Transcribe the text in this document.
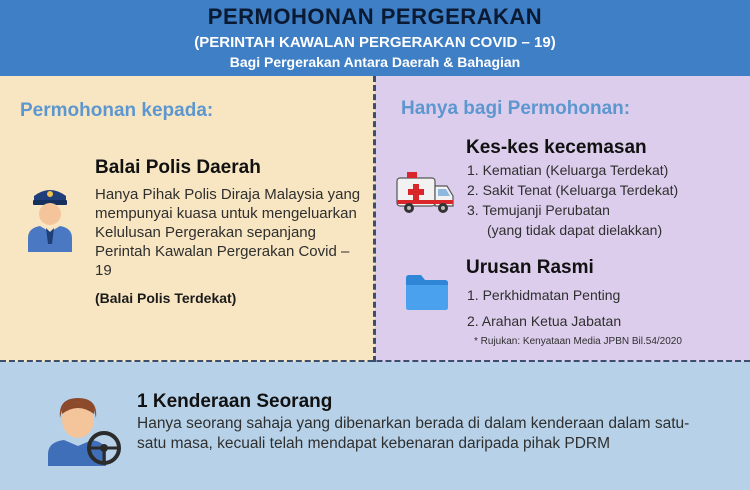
PERMOHONAN PERGERAKAN
(PERINTAH KAWALAN PERGERAKAN COVID – 19)
Bagi Pergerakan Antara Daerah & Bahagian
Permohonan kepada:
Balai Polis Daerah
Hanya Pihak Polis Diraja Malaysia yang mempunyai kuasa untuk mengeluarkan Kelulusan Pergerakan sepanjang Perintah Kawalan Pergerakan Covid – 19
(Balai Polis Terdekat)
Hanya bagi Permohonan:
Kes-kes kecemasan
1. Kematian (Keluarga Terdekat)
2. Sakit Tenat (Keluarga Terdekat)
3. Temujanji Perubatan
(yang tidak dapat dielakkan)
Urusan Rasmi
1. Perkhidmatan Penting
2. Arahan Ketua Jabatan
* Rujukan: Kenyataan Media JPBN Bil.54/2020
1 Kenderaan Seorang
Hanya seorang sahaja yang dibenarkan berada di dalam kenderaan dalam satu-satu masa, kecuali telah mendapat kebenaran daripada pihak PDRM
